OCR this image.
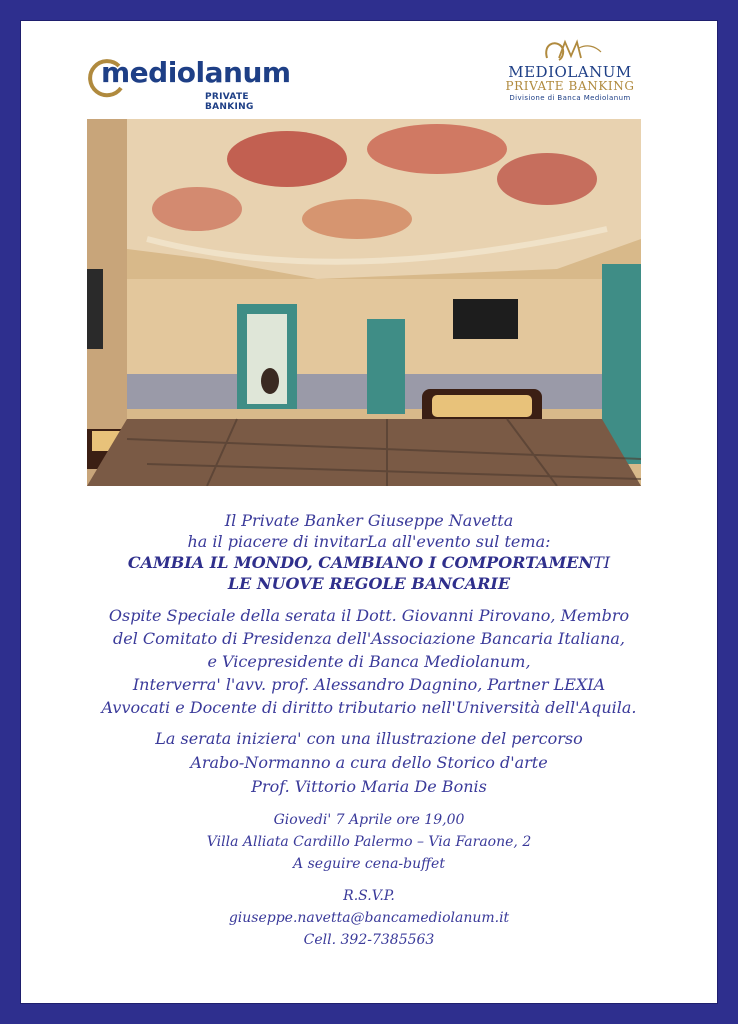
mediolanum
PRIVATE BANKING
MEDIOLANUM
PRIVATE BANKING
Divisione di Banca Mediolanum
Il Private Banker Giuseppe Navetta
ha il piacere di invitarLa all'evento sul tema:
CAMBIA IL MONDO, CAMBIANO I COMPORTAMENTI
LE NUOVE REGOLE BANCARIE
Ospite Speciale della serata il Dott. Giovanni Pirovano, Membro
del Comitato di Presidenza dell'Associazione Bancaria Italiana,
e Vicepresidente di Banca Mediolanum,
Interverra' l'avv. prof. Alessandro Dagnino, Partner LEXIA
Avvocati e Docente di diritto tributario nell'Università dell'Aquila.
La serata iniziera' con una illustrazione del percorso
Arabo-Normanno a cura dello Storico d'arte
Prof. Vittorio Maria De Bonis
Giovedi' 7 Aprile ore 19,00
Villa Alliata Cardillo Palermo – Via Faraone, 2
A seguire cena-buffet
R.S.V.P.
giuseppe.navetta@bancamediolanum.it
Cell. 392-7385563
